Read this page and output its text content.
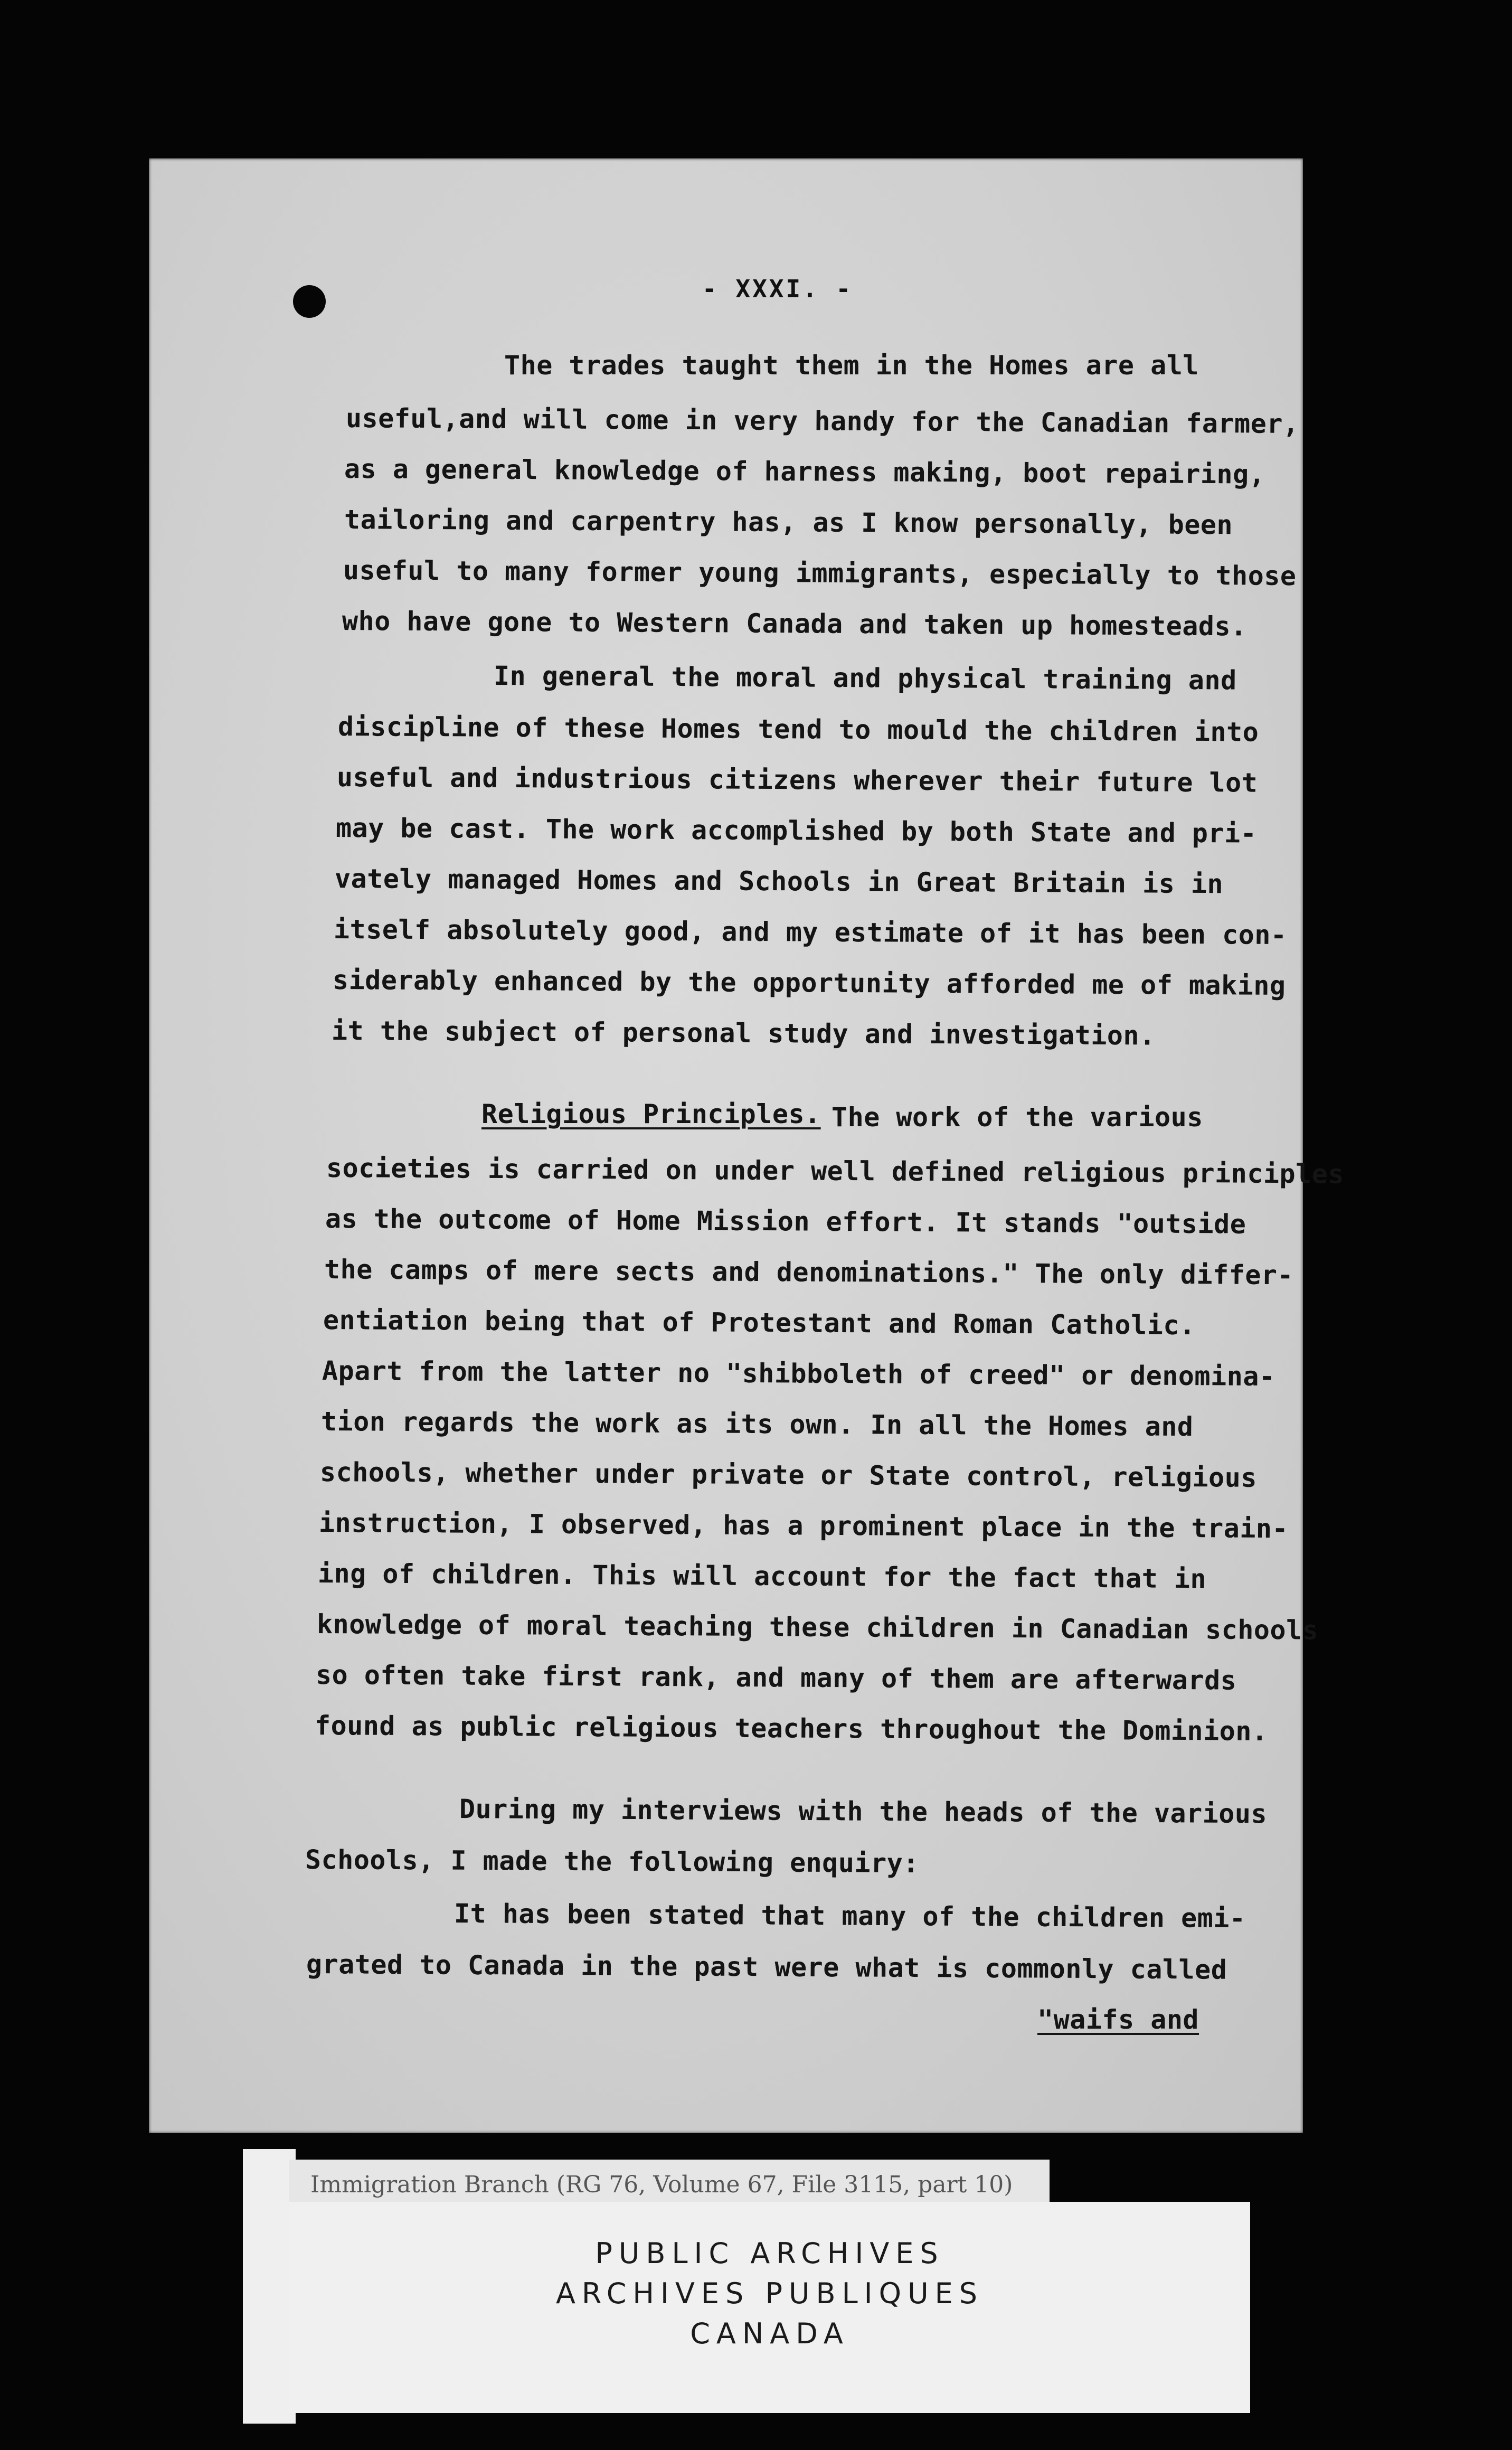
- XXXI. -
The trades taught them in the Homes are all
useful,and will come in very handy for the Canadian farmer,
as a general knowledge of harness making, boot repairing,
tailoring and carpentry has, as I know personally, been
useful to many former young immigrants, especially to those
who have gone to Western Canada and taken up homesteads.
In general the moral and physical training and
discipline of these Homes tend to mould the children into
useful and industrious citizens wherever their future lot
may be cast. The work accomplished by both State and pri-
vately managed Homes and Schools in Great Britain is in
itself absolutely good, and my estimate of it has been con-
siderably enhanced by the opportunity afforded me of making
it the subject of personal study and investigation.
Religious Principles. The work of the various
societies is carried on under well defined religious principles
as the outcome of Home Mission effort. It stands "outside
the camps of mere sects and denominations." The only differ-
entiation being that of Protestant and Roman Catholic.
Apart from the latter no "shibboleth of creed" or denomina-
tion regards the work as its own. In all the Homes and
schools, whether under private or State control, religious
instruction, I observed, has a prominent place in the train-
ing of children. This will account for the fact that in
knowledge of moral teaching these children in Canadian schools
so often take first rank, and many of them are afterwards
found as public religious teachers throughout the Dominion.
During my interviews with the heads of the various
Schools, I made the following enquiry:
It has been stated that many of the children emi-
grated to Canada in the past were what is commonly called
"waifs and
Immigration Branch (RG 76, Volume 67, File 3115, part 10)
PUBLIC ARCHIVES
ARCHIVES PUBLIQUES
CANADA
